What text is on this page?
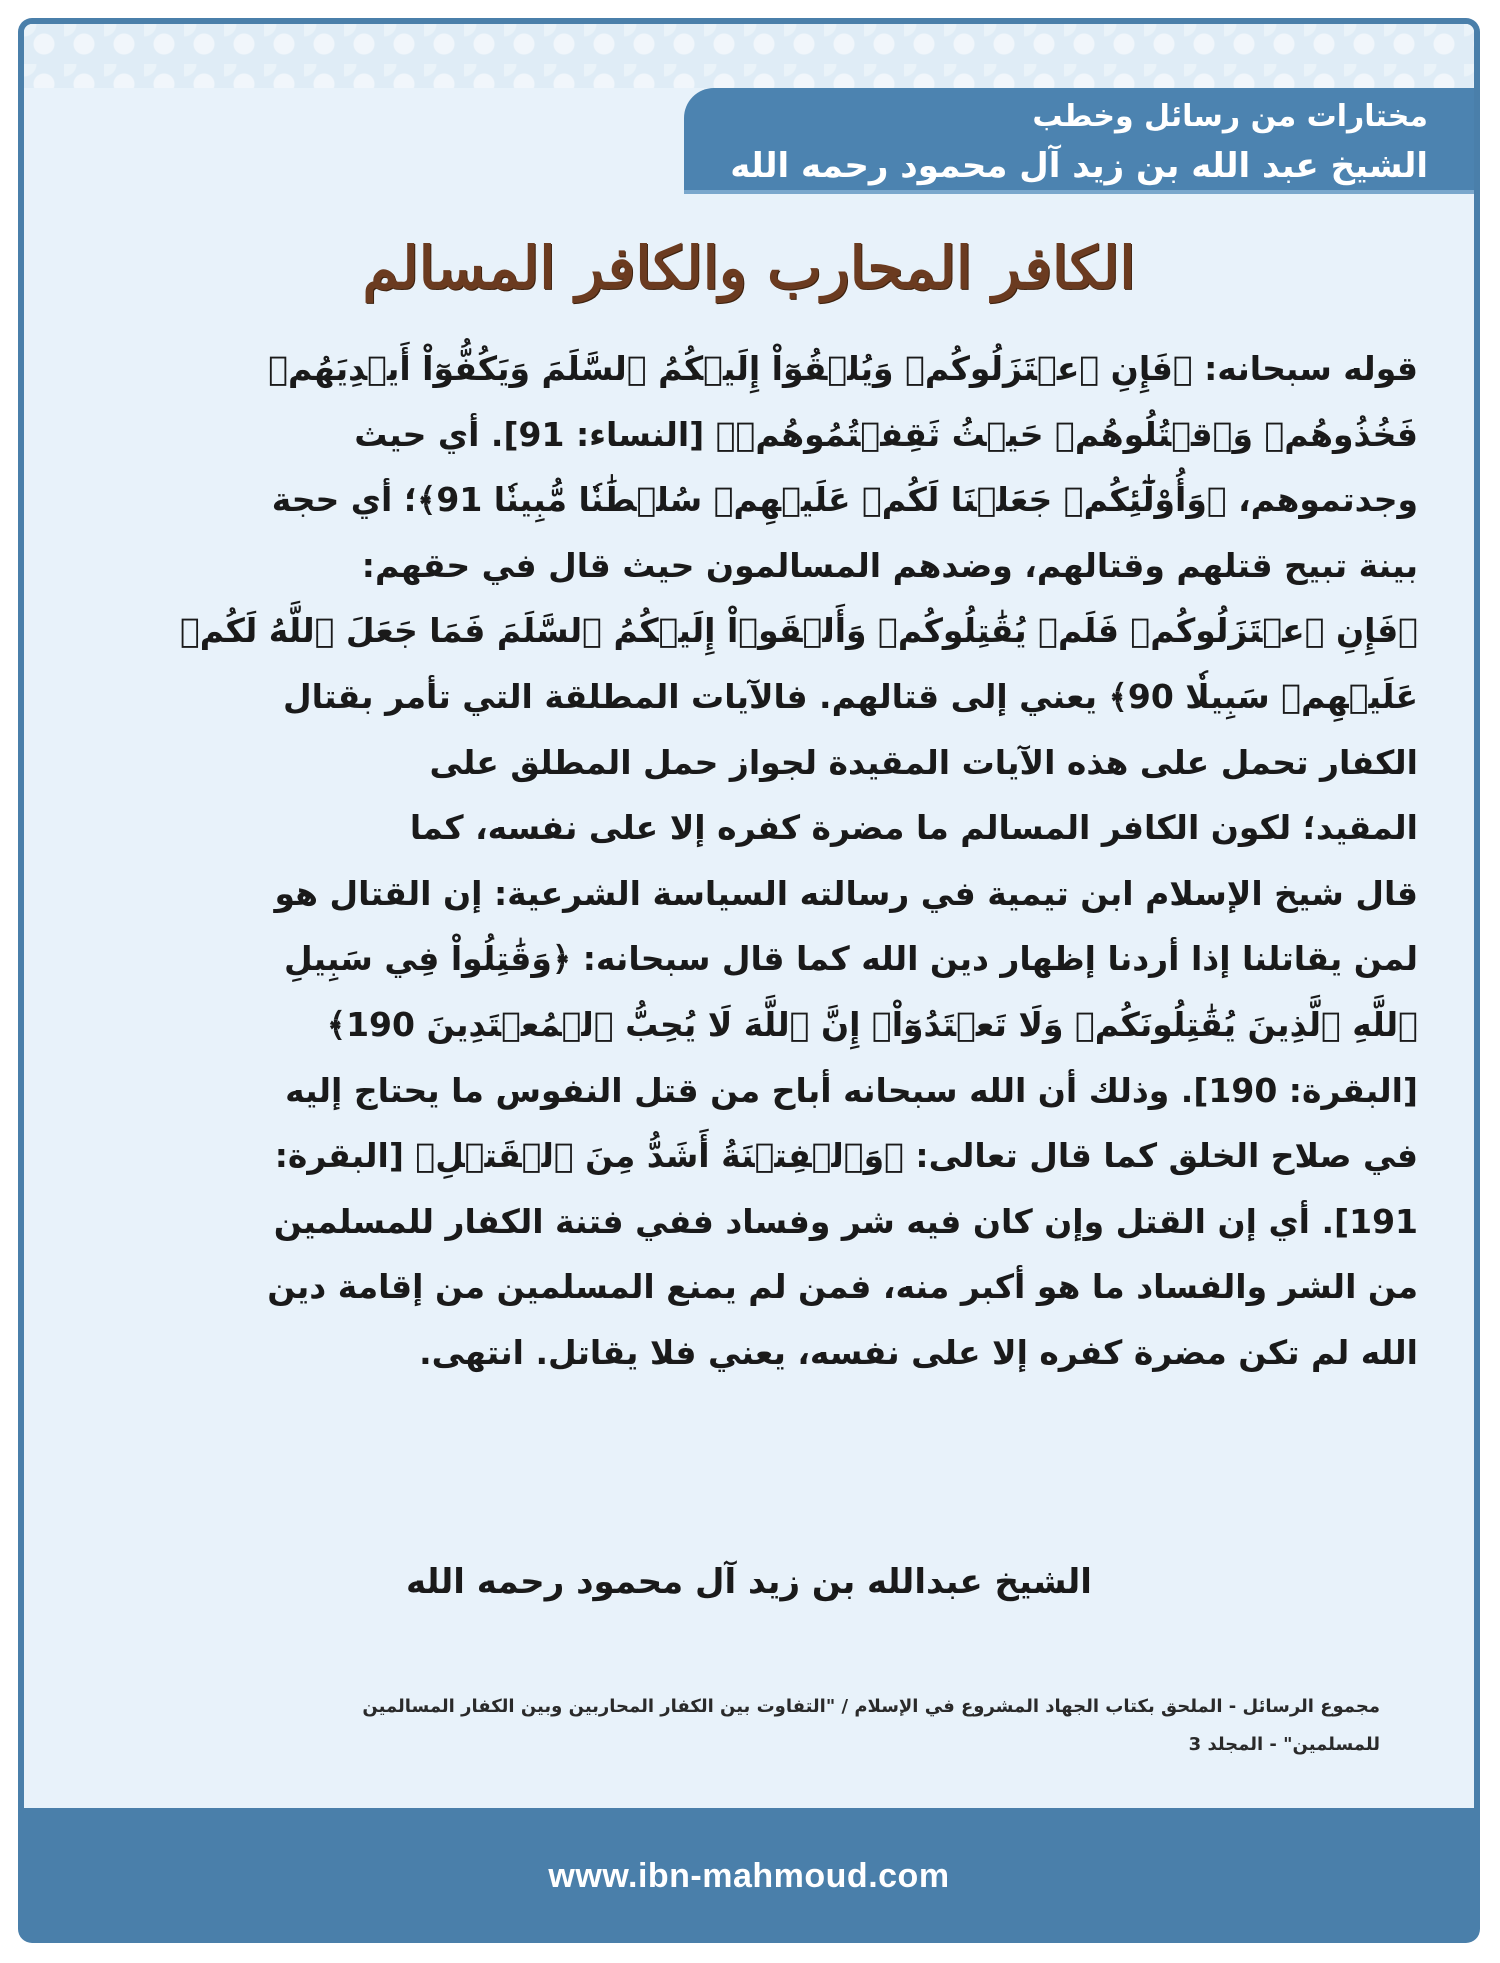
مختارات من رسائل وخطب
الشيخ عبد الله بن زيد آل محمود رحمه الله
الكافر المحارب والكافر المسالم
قوله سبحانه: ﴿فَإِنِ ٱعۡتَزَلُوكُمۡ وَيُلۡقُوٓاْ إِلَيۡكُمُ ٱلسَّلَمَ وَيَكُفُّوٓاْ أَيۡدِيَهُمۡ
فَخُذُوهُمۡ وَٱقۡتُلُوهُمۡ حَيۡثُ ثَقِفۡتُمُوهُمۡ﴾ [النساء: 91]. أي حيث
وجدتموهم، ﴿وَأُوْلَٰٓئِكُمۡ جَعَلۡنَا لَكُمۡ عَلَيۡهِمۡ سُلۡطَٰنٗا مُّبِينٗا 91﴾؛ أي حجة
بينة تبيح قتلهم وقتالهم، وضدهم المسالمون حيث قال في حقهم:
﴿فَإِنِ ٱعۡتَزَلُوكُمۡ فَلَمۡ يُقَٰتِلُوكُمۡ وَأَلۡقَوۡاْ إِلَيۡكُمُ ٱلسَّلَمَ فَمَا جَعَلَ ٱللَّهُ لَكُمۡ
عَلَيۡهِمۡ سَبِيلٗا 90﴾ يعني إلى قتالهم. فالآيات المطلقة التي تأمر بقتال
الكفار تحمل على هذه الآيات المقيدة لجواز حمل المطلق على
المقيد؛ لكون الكافر المسالم ما مضرة كفره إلا على نفسه، كما
قال شيخ الإسلام ابن تيمية في رسالته السياسة الشرعية: إن القتال هو
لمن يقاتلنا إذا أردنا إظهار دين الله كما قال سبحانه: ﴿وَقَٰتِلُواْ فِي سَبِيلِ
ٱللَّهِ ٱلَّذِينَ يُقَٰتِلُونَكُمۡ وَلَا تَعۡتَدُوٓاْۚ إِنَّ ٱللَّهَ لَا يُحِبُّ ٱلۡمُعۡتَدِينَ 190﴾
[البقرة: 190]. وذلك أن الله سبحانه أباح من قتل النفوس ما يحتاج إليه
في صلاح الخلق كما قال تعالى: ﴿وَٱلۡفِتۡنَةُ أَشَدُّ مِنَ ٱلۡقَتۡلِ﴾ [البقرة:
191]. أي إن القتل وإن كان فيه شر وفساد ففي فتنة الكفار للمسلمين
من الشر والفساد ما هو أكبر منه، فمن لم يمنع المسلمين من إقامة دين
الله لم تكن مضرة كفره إلا على نفسه، يعني فلا يقاتل. انتهى.
الشيخ عبدالله بن زيد آل محمود رحمه الله
مجموع الرسائل - الملحق بكتاب الجهاد المشروع في الإسلام / "التفاوت بين الكفار المحاربين وبين الكفار المسالمين
للمسلمين" - المجلد 3
www.ibn-mahmoud.com
